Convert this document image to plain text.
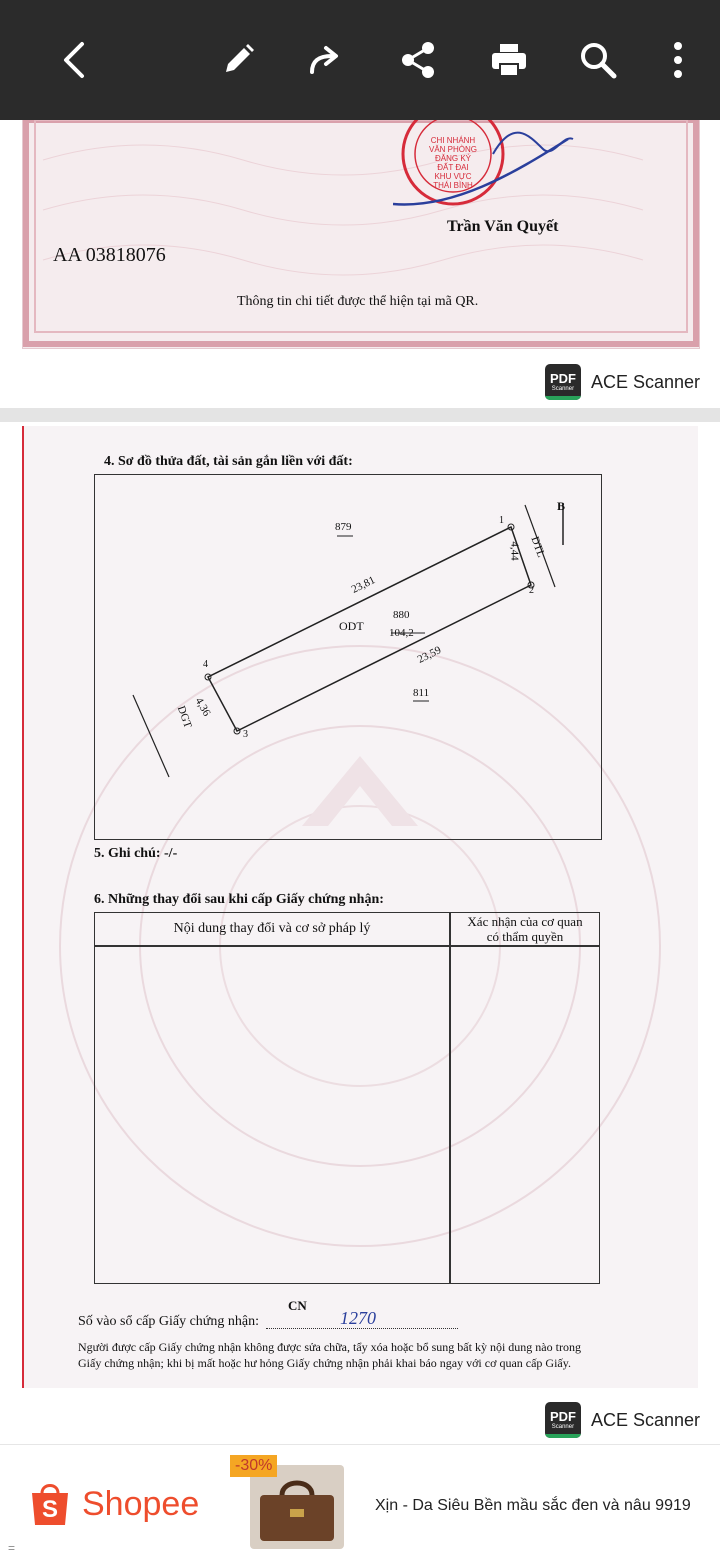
CHI NHÁNH
VĂN PHÒNG
ĐĂNG KÝ ĐẤT ĐAI
KHU VỰC
THÁI BÌNH
Trần Văn Quyết
AA 03818076
Thông tin chi tiết được thể hiện tại mã QR.
PDF
Scanner ACE Scanner
4. Sơ đồ thửa đất, tài sản gắn liền với đất:
879
ODT
880
104,2
811
23,81
23,59
4,44
4,36
DTL
DGT
B
1
2
3
4
5. Ghi chú: -/-
6. Những thay đổi sau khi cấp Giấy chứng nhận:
Nội dung thay đổi và cơ sở pháp lý	Xác nhận của cơ quan
có thẩm quyền
CN
Số vào sổ cấp Giấy chứng nhận:	1270
Người được cấp Giấy chứng nhận không được sửa chữa, tẩy xóa hoặc bổ sung bất kỳ nội dung nào trong
Giấy chứng nhận; khi bị mất hoặc hư hỏng Giấy chứng nhận phải khai báo ngay với cơ quan cấp Giấy.
PDF
Scanner ACE Scanner
S Shopee
-30%
Xịn - Da Siêu Bền mầu sắc đen và nâu 9919
=
